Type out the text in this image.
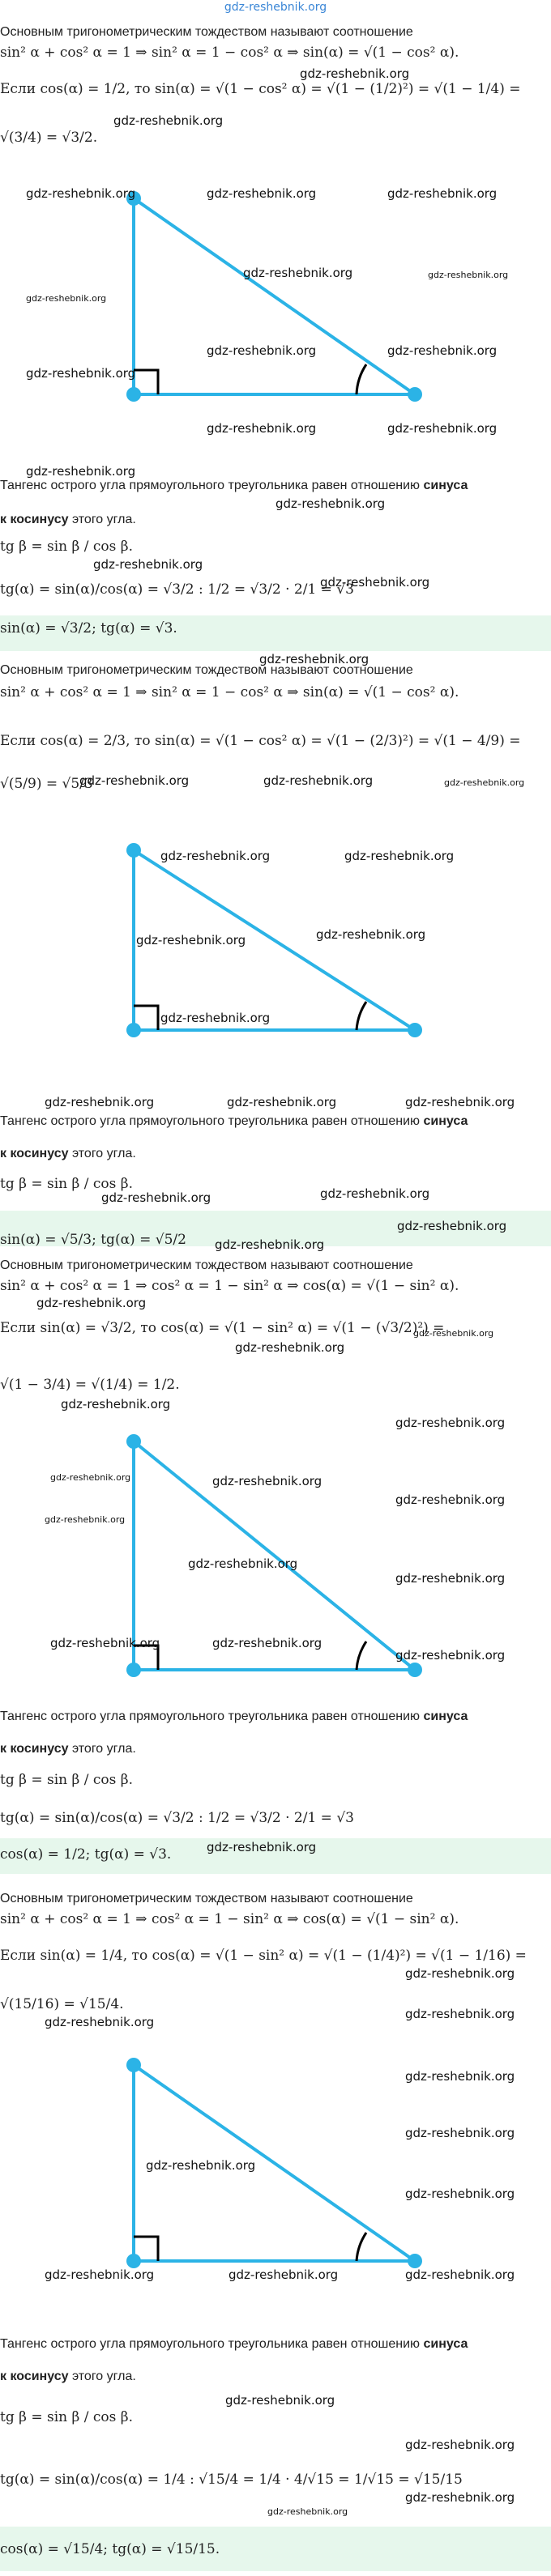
gdz-reshebnik.org
Основным тригонометрическим тождеством называют соотношение
sin² α + cos² α = 1 ⇒ sin² α = 1 − cos² α ⇒ sin(α) = √(1 − cos² α).
Если cos(α) = 1/2, то sin(α) = √(1 − cos² α) = √(1 − (1/2)²) = √(1 − 1/4) =
√(3/4) = √3/2.
gdz-reshebnik.org
gdz-reshebnik.org
gdz-reshebnik.org	gdz-reshebnik.org	gdz-reshebnik.org
gdz-reshebnik.org
gdz-reshebnik.org
gdz-reshebnik.org
gdz-reshebnik.org	gdz-reshebnik.org
gdz-reshebnik.org
gdz-reshebnik.org	gdz-reshebnik.org
gdz-reshebnik.org
Тангенс острого угла прямоугольного треугольника равен отношению синуса
gdz-reshebnik.org
к косинусу этого угла.
tg β = sin β / cos β.
gdz-reshebnik.org
tg(α) = sin(α)/cos(α) = √3/2 : 1/2 = √3/2 · 2/1 = √3
gdz-reshebnik.org
sin(α) = √3/2; tg(α) = √3.
Основным тригонометрическим тождеством называют соотношение
gdz-reshebnik.org
sin² α + cos² α = 1 ⇒ sin² α = 1 − cos² α ⇒ sin(α) = √(1 − cos² α).
Если cos(α) = 2/3, то sin(α) = √(1 − cos² α) = √(1 − (2/3)²) = √(1 − 4/9) =
√(5/9) = √5/3
gdz-reshebnik.org	gdz-reshebnik.org	gdz-reshebnik.org
gdz-reshebnik.org	gdz-reshebnik.org
gdz-reshebnik.org
gdz-reshebnik.org
gdz-reshebnik.org
gdz-reshebnik.org	gdz-reshebnik.org	gdz-reshebnik.org
Тангенс острого угла прямоугольного треугольника равен отношению синуса
к косинусу этого угла.
tg β = sin β / cos β.
gdz-reshebnik.org	gdz-reshebnik.org
sin(α) = √5/3; tg(α) = √5/2
gdz-reshebnik.org
gdz-reshebnik.org
Основным тригонометрическим тождеством называют соотношение
sin² α + cos² α = 1 ⇒ cos² α = 1 − sin² α ⇒ cos(α) = √(1 − sin² α).
gdz-reshebnik.org
Если sin(α) = √3/2, то cos(α) = √(1 − sin² α) = √(1 − (√3/2)²) =
gdz-reshebnik.org
gdz-reshebnik.org
√(1 − 3/4) = √(1/4) = 1/2.
gdz-reshebnik.org
gdz-reshebnik.org
gdz-reshebnik.org	gdz-reshebnik.org
gdz-reshebnik.org
gdz-reshebnik.org
gdz-reshebnik.org
gdz-reshebnik.org
gdz-reshebnik.org	gdz-reshebnik.org
gdz-reshebnik.org
Тангенс острого угла прямоугольного треугольника равен отношению синуса
к косинусу этого угла.
tg β = sin β / cos β.
tg(α) = sin(α)/cos(α) = √3/2 : 1/2 = √3/2 · 2/1 = √3
cos(α) = 1/2; tg(α) = √3.	gdz-reshebnik.org
Основным тригонометрическим тождеством называют соотношение
sin² α + cos² α = 1 ⇒ cos² α = 1 − sin² α ⇒ cos(α) = √(1 − sin² α).
Если sin(α) = 1/4, то cos(α) = √(1 − sin² α) = √(1 − (1/4)²) = √(1 − 1/16) =
gdz-reshebnik.org
√(15/16) = √15/4.
gdz-reshebnik.org
gdz-reshebnik.org
gdz-reshebnik.org
gdz-reshebnik.org
gdz-reshebnik.org
gdz-reshebnik.org
gdz-reshebnik.org	gdz-reshebnik.org	gdz-reshebnik.org
Тангенс острого угла прямоугольного треугольника равен отношению синуса
к косинусу этого угла.
gdz-reshebnik.org
tg β = sin β / cos β.
gdz-reshebnik.org
tg(α) = sin(α)/cos(α) = 1/4 : √15/4 = 1/4 · 4/√15 = 1/√15 = √15/15
gdz-reshebnik.org
gdz-reshebnik.org
cos(α) = √15/4; tg(α) = √15/15.
